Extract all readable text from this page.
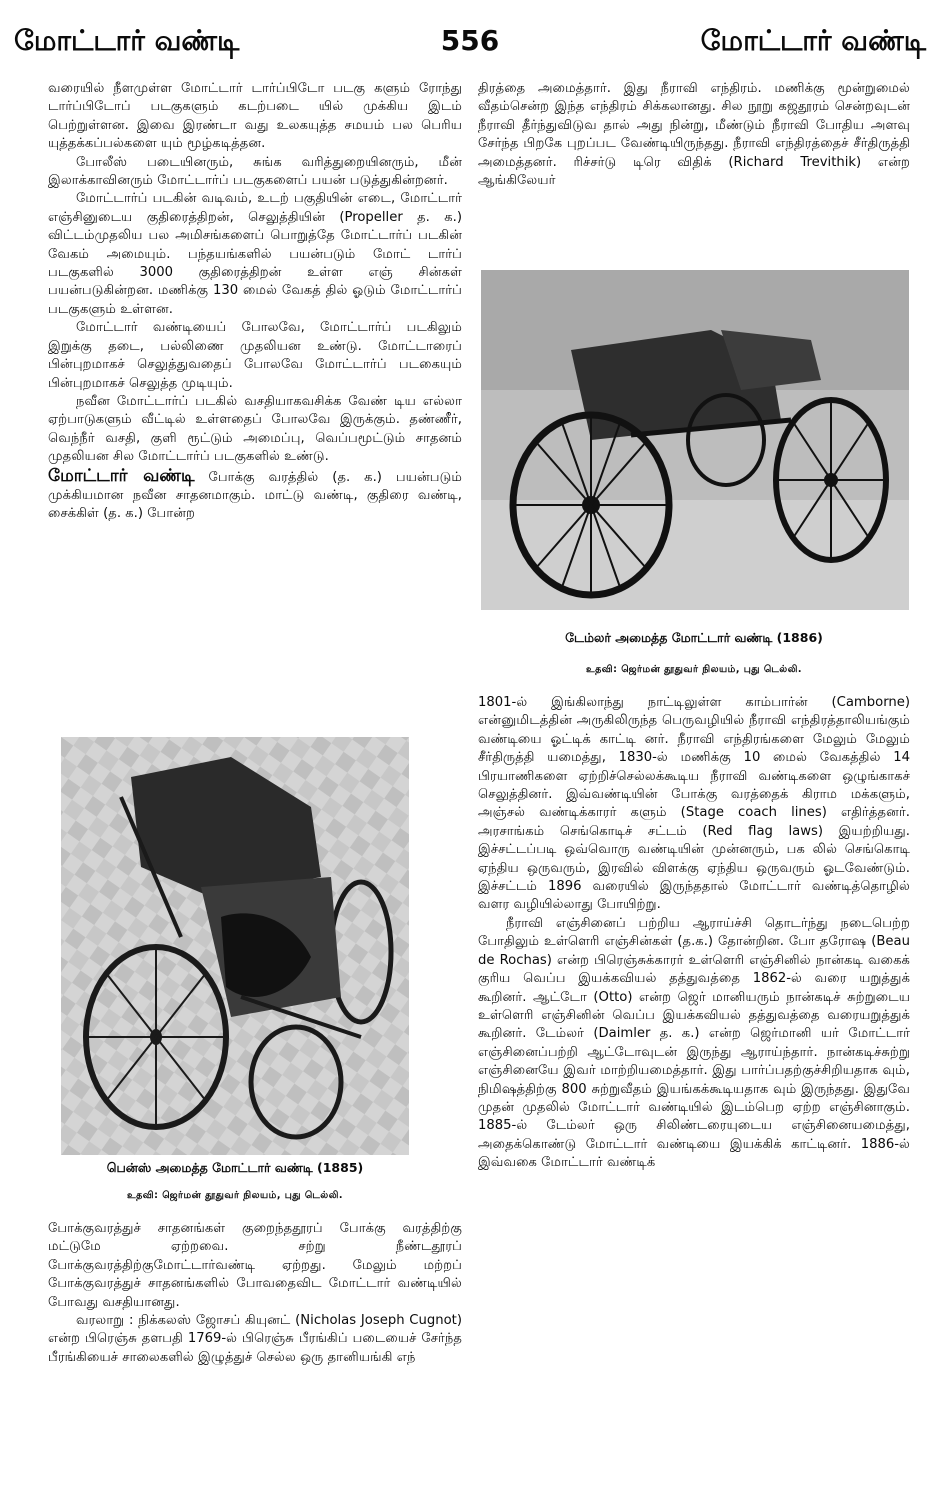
மோட்டார் வண்டி	556	மோட்டார் வண்டி

வரையில் நீளமுள்ள மோட்டார் டார்ப்பிடோ படகு களும் ரோந்து டார்ப்பிடோப் படகுகளும் கடற்படை யில் முக்கிய இடம் பெற்றுள்ளன. இவை இரண்டா வது உலகயுத்த சமயம் பல பெரிய யுத்தக்கப்பல்களை யும் மூழ்கடித்தன.

போலீஸ் படையினரும், சுங்க வரித்துறையினரும், மீன் இலாக்காவினரும் மோட்டார்ப் படகுகளைப் பயன் படுத்துகின்றனர்.

மோட்டார்ப் படகின் வடிவம், உடற் பகுதியின் எடை, மோட்டார் எஞ்சினுடைய குதிரைத்திறன், செலுத்தியின் (Propeller த. க.) விட்டம்முதலிய பல அமிசங்களைப் பொறுத்தே மோட்டார்ப் படகின் வேகம் அமையும். பந்தயங்களில் பயன்படும் மோட் டார்ப் படகுகளில் 3000 குதிரைத்திறன் உள்ள எஞ் சின்கள் பயன்படுகின்றன. மணிக்கு 130 மைல் வேகத் தில் ஓடும் மோட்டார்ப் படகுகளும் உள்ளன.

மோட்டார் வண்டியைப் போலவே, மோட்டார்ப் படகிலும் இறுக்கு தடை, பல்லிணை முதலியன உண்டு. மோட்டாரைப் பின்புறமாகச் செலுத்துவதைப் போலவே மோட்டார்ப் படகையும் பின்புறமாகச் செலுத்த முடியும்.

நவீன மோட்டார்ப் படகில் வசதியாகவசிக்க வேண் டிய எல்லா ஏற்பாடுகளும் வீட்டில் உள்ளதைப் போலவே இருக்கும். தண்ணீர், வெந்நீர் வசதி, குளி ரூட்டும் அமைப்பு, வெப்பமூட்டும் சாதனம் முதலியன சில மோட்டார்ப் படகுகளில் உண்டு.

மோட்டார் வண்டி போக்கு வரத்தில் (த. க.) பயன்படும் முக்கியமான நவீன சாதனமாகும். மாட்டு வண்டி, குதிரை வண்டி, சைக்கிள் (த. க.) போன்ற

பென்ஸ் அமைத்த மோட்டார் வண்டி (1885)
உதவி: ஜெர்மன் தூதுவர் நிலயம், புது டெல்லி.

போக்குவரத்துச் சாதனங்கள் குறைந்ததூரப் போக்கு வரத்திற்கு மட்டுமே ஏற்றவை. சற்று நீண்டதூரப் போக்குவரத்திற்குமோட்டார்வண்டி ஏற்றது. மேலும் மற்றப் போக்குவரத்துச் சாதனங்களில் போவதைவிட மோட்டார் வண்டியில் போவது வசதியானது.

வரலாறு : நிக்கலஸ் ஜோசப் கியுனட் (Nicholas Joseph Cugnot) என்ற பிரெஞ்சு தளபதி 1769-ல் பிரெஞ்சு பீரங்கிப் படையைச் சேர்ந்த பீரங்கியைச் சாலைகளில் இழுத்துச் செல்ல ஒரு தானியங்கி எந்

திரத்தை அமைத்தார். இது நீராவி எந்திரம். மணிக்கு மூன்றுமைல் வீதம்சென்ற இந்த எந்திரம் சிக்கலானது. சில நூறு கஜதூரம் சென்றவுடன் நீராவி தீர்ந்துவிடுவ தால் அது நின்று, மீண்டும் நீராவி போதிய அளவு சேர்ந்த பிறகே புறப்பட வேண்டியிருந்தது. நீராவி எந்திரத்தைச் சீர்திருத்தி அமைத்தனர். ரிச்சர்டு டிரெ விதிக் (Richard Trevithik) என்ற ஆங்கிலேயர்

டேம்லர் அமைத்த மோட்டார் வண்டி (1886)
உதவி: ஜெர்மன் தூதுவர் நிலயம், புது டெல்லி.

1801-ல் இங்கிலாந்து நாட்டிலுள்ள காம்பார்ன் (Camborne) என்னுமிடத்தின் அருகிலிருந்த பெருவழியில் நீராவி எந்திரத்தாலியங்கும் வண்டியை ஓட்டிக் காட்டி னர். நீராவி எந்திரங்களை மேலும் மேலும் சீர்திருத்தி யமைத்து, 1830-ல் மணிக்கு 10 மைல் வேகத்தில் 14 பிரயாணிகளை ஏற்றிச்செல்லக்கூடிய நீராவி வண்டிகளை ஒழுங்காகச் செலுத்தினர். இவ்வண்டியின் போக்கு வரத்தைக் கிராம மக்களும், அஞ்சல் வண்டிக்காரர் களும் (Stage coach lines) எதிர்த்தனர். அரசாங்கம் செங்கொடிச் சட்டம் (Red flag laws) இயற்றியது. இச்சட்டப்படி ஒவ்வொரு வண்டியின் முன்னரும், பக லில் செங்கொடி ஏந்திய ஒருவரும், இரவில் விளக்கு ஏந்திய ஒருவரும் ஓடவேண்டும். இச்சட்டம் 1896 வரையில் இருந்ததால் மோட்டார் வண்டித்தொழில் வளர வழியில்லாது போயிற்று.

நீராவி எஞ்சினைப் பற்றிய ஆராய்ச்சி தொடர்ந்து நடைபெற்ற போதிலும் உள்ளெரி எஞ்சின்கள் (த.க.) தோன்றின. போ தரோஷ (Beau de Rochas) என்ற பிரெஞ்சுக்காரர் உள்ளெரி எஞ்சினில் நான்கடி வகைக் குரிய வெப்ப இயக்கவியல் தத்துவத்தை 1862-ல் வரை யறுத்துக் கூறினர். ஆட்டோ (Otto) என்ற ஜெர் மானியரும் நான்கடிச் சுற்றுடைய உள்ளெரி எஞ்சினின் வெப்ப இயக்கவியல் தத்துவத்தை வரையறுத்துக் கூறினர். டேம்லர் (Daimler த. க.) என்ற ஜெர்மானி யர் மோட்டார் எஞ்சினைப்பற்றி ஆட்டோவுடன் இருந்து ஆராய்ந்தார். நான்கடிச்சுற்று எஞ்சினையே இவர் மாற்றியமைத்தார். இது பார்ப்பதற்குச்சிறியதாக வும், நிமிஷத்திற்கு 800 சுற்றுவீதம் இயங்கக்கூடியதாக வும் இருந்தது. இதுவே முதன் முதலில் மோட்டார் வண்டியில் இடம்பெற ஏற்ற எஞ்சினாகும். 1885-ல் டேம்லர் ஒரு சிலிண்டரையுடைய எஞ்சினையமைத்து, அதைக்கொண்டு மோட்டார் வண்டியை இயக்கிக் காட்டினர். 1886-ல் இவ்வகை மோட்டார் வண்டிக்
